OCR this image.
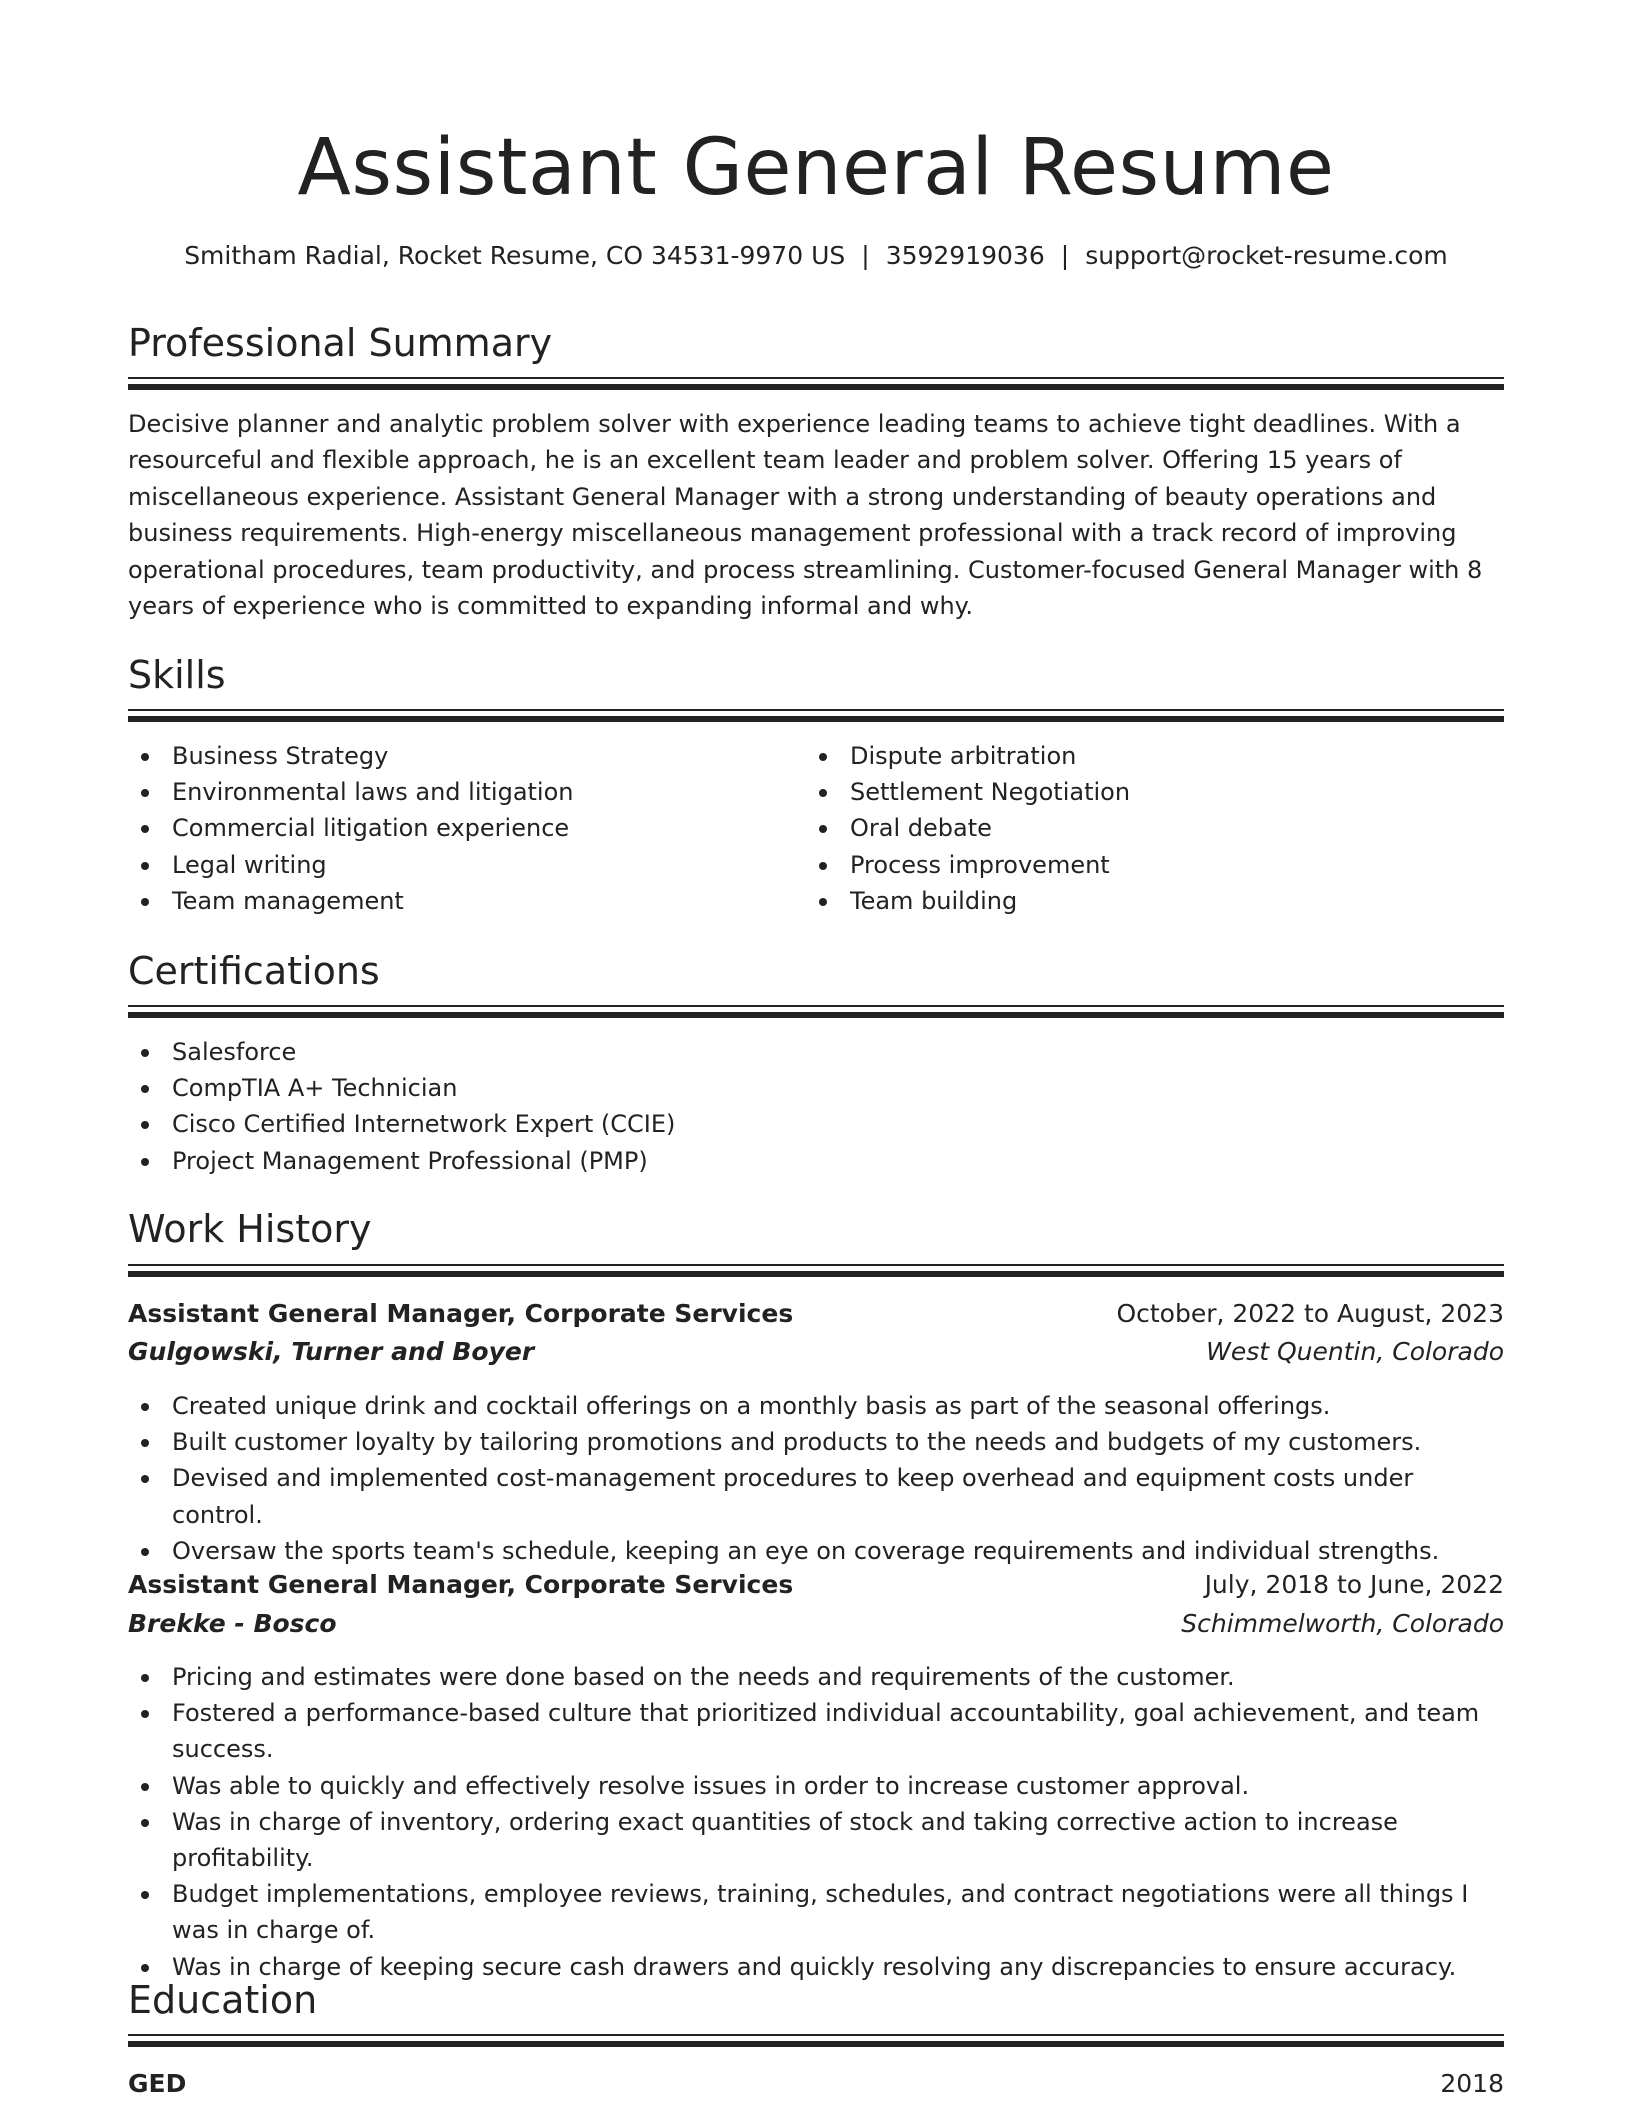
Assistant General Resume
Smitham Radial, Rocket Resume, CO 34531-9970 US | 3592919036 | support@rocket-resume.com
Professional Summary

Decisive planner and analytic problem solver with experience leading teams to achieve tight deadlines. With a resourceful and flexible approach, he is an excellent team leader and problem solver. Offering 15 years of miscellaneous experience. Assistant General Manager with a strong understanding of beauty operations and business requirements. High-energy miscellaneous management professional with a track record of improving operational procedures, team productivity, and process streamlining. Customer-focused General Manager with 8 years of experience who is committed to expanding informal and why.

Skills
Business Strategy
Environmental laws and litigation
Commercial litigation experience
Legal writing
Team management
Dispute arbitration
Settlement Negotiation
Oral debate
Process improvement
Team building
Certifications
Salesforce
CompTIA A+ Technician
Cisco Certified Internetwork Expert (CCIE)
Project Management Professional (PMP)
Work History
Assistant General Manager, Corporate Services	October, 2022 to August, 2023
Gulgowski, Turner and Boyer	West Quentin, Colorado
Created unique drink and cocktail offerings on a monthly basis as part of the seasonal offerings.
Built customer loyalty by tailoring promotions and products to the needs and budgets of my customers.
Devised and implemented cost-management procedures to keep overhead and equipment costs under control.
Oversaw the sports team's schedule, keeping an eye on coverage requirements and individual strengths.
Assistant General Manager, Corporate Services	July, 2018 to June, 2022
Brekke - Bosco	Schimmelworth, Colorado
Pricing and estimates were done based on the needs and requirements of the customer.
Fostered a performance-based culture that prioritized individual accountability, goal achievement, and team success.
Was able to quickly and effectively resolve issues in order to increase customer approval.
Was in charge of inventory, ordering exact quantities of stock and taking corrective action to increase profitability.
Budget implementations, employee reviews, training, schedules, and contract negotiations were all things I was in charge of.
Was in charge of keeping secure cash drawers and quickly resolving any discrepancies to ensure accuracy.
Education
GED	2018
